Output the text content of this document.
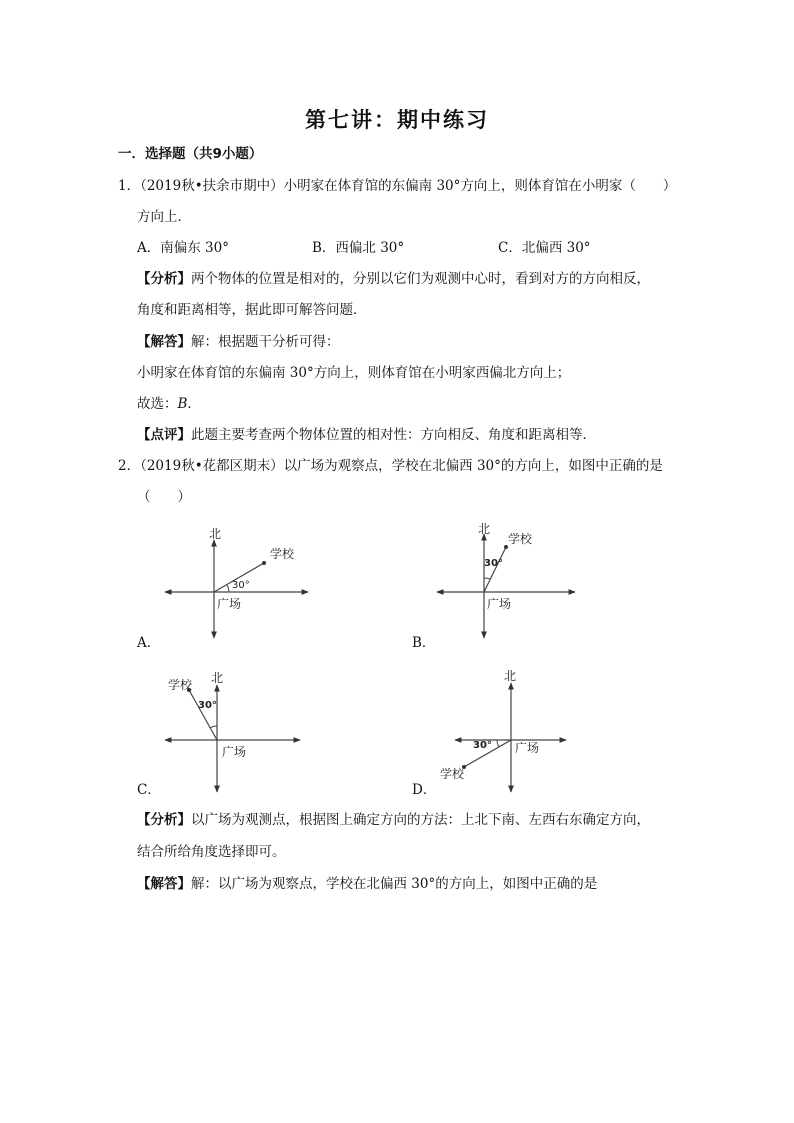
第七讲：期中练习
一．选择题（共9小题）
1．（2019秋•扶余市期中）小明家在体育馆的东偏南 30°方向上，则体育馆在小明家（　　）
方向上．
A．南偏东 30°	B．西偏北 30°	C．北偏西 30°
【分析】两个物体的位置是相对的，分别以它们为观测中心时，看到对方的方向相反，
角度和距离相等，据此即可解答问题．
【解答】解：根据题干分析可得：
小明家在体育馆的东偏南 30°方向上，则体育馆在小明家西偏北方向上；
故选：B．
【点评】此题主要考查两个物体位置的相对性：方向相反、角度和距离相等．
2．（2019秋•花都区期末）以广场为观察点，学校在北偏西 30°的方向上，如图中正确的是
（　　）
北
学校
30°
广场
北
学校
30°
广场
北
学校
30°
广场
北
学校
30° 广场
A．	B．
C．	D．
【分析】以广场为观测点，根据图上确定方向的方法：上北下南、左西右东确定方向，
结合所给角度选择即可。
【解答】解：以广场为观察点，学校在北偏西 30°的方向上，如图中正确的是
